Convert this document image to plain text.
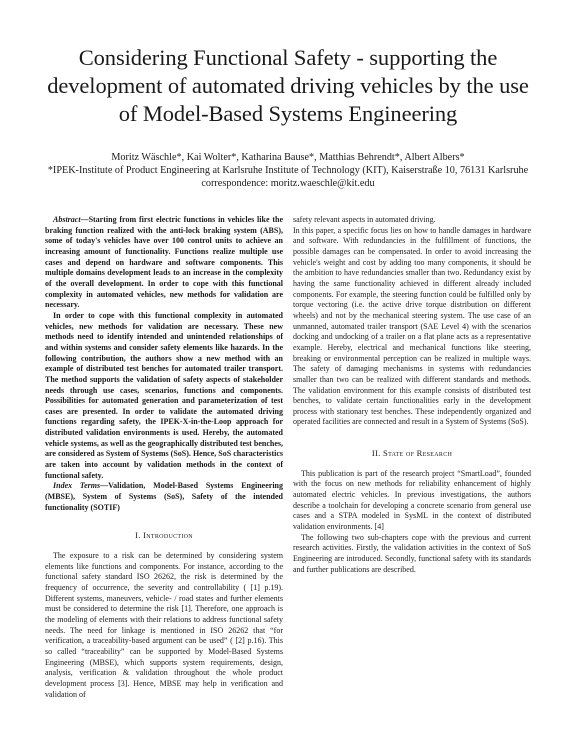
Considering Functional Safety - supporting the development of automated driving vehicles by the use of Model-Based Systems Engineering
Moritz Wäschle*, Kai Wolter*, Katharina Bause*, Matthias Behrendt*, Albert Albers*
*IPEK-Institute of Product Engineering at Karlsruhe Institute of Technology (KIT), Kaiserstraße 10, 76131 Karlsruhe
correspondence: moritz.waeschle@kit.edu

Abstract—Starting from first electric functions in vehicles like the braking function realized with the anti-lock braking system (ABS), some of today's vehicles have over 100 control units to achieve an increasing amount of functionality. Functions realize multiple use cases and depend on hardware and software components. This multiple domains development leads to an increase in the complexity of the overall development. In order to cope with this functional complexity in automated vehicles, new methods for validation are necessary.

In order to cope with this functional complexity in automated vehicles, new methods for validation are necessary. These new methods need to identify intended and unintended relationships of and within systems and consider safety elements like hazards. In the following contribution, the authors show a new method with an example of distributed test benches for automated trailer transport. The method supports the validation of safety aspects of stakeholder needs through use cases, scenarios, functions and components. Possibilities for automated generation and parameterization of test cases are presented. In order to validate the automated driving functions regarding safety, the IPEK-X-in-the-Loop approach for distributed validation environments is used. Hereby, the automated vehicle systems, as well as the geographically distributed test benches, are considered as System of Systems (SoS). Hence, SoS characteristics are taken into account by validation methods in the context of functional safety.

Index Terms—Validation, Model-Based Systems Engineering (MBSE), System of Systems (SoS), Safety of the intended functionality (SOTIF)

I. Introduction

The exposure to a risk can be determined by considering system elements like functions and components. For instance, according to the functional safety standard ISO 26262, the risk is determined by the frequency of occurrence, the severity and controllability ( [1] p.19). Different systems, maneuvers, vehicle- / road states and further elements must be considered to determine the risk [1]. Therefore, one approach is the modeling of elements with their relations to address functional safety needs. The need for linkage is mentioned in ISO 26262 that “for verification, a traceability-based argument can be used” ( [2] p.16). This so called “traceability” can be supported by Model-Based Systems Engineering (MBSE), which supports system requirements, design, analysis, verification & validation throughout the whole product development process [3]. Hence, MBSE may help in verification and validation of

safety relevant aspects in automated driving.

In this paper, a specific focus lies on how to handle damages in hardware and software. With redundancies in the fulfillment of functions, the possible damages can be compensated. In order to avoid increasing the vehicle's weight and cost by adding too many components, it should be the ambition to have redundancies smaller than two. Redundancy exist by having the same functionality achieved in different already included components. For example, the steering function could be fulfilled only by torque vectoring (i.e. the active drive torque distribution on different wheels) and not by the mechanical steering system. The use case of an unmanned, automated trailer transport (SAE Level 4) with the scenarios docking and undocking of a trailer on a flat plane acts as a representative example. Hereby, electrical and mechanical functions like steering, breaking or environmental perception can be realized in multiple ways. The safety of damaging mechanisms in systems with redundancies smaller than two can be realized with different standards and methods. The validation environment for this example consists of distributed test benches, to validate certain functionalities early in the development process with stationary test benches. These independently organized and operated facilities are connected and result in a System of Systems (SoS).

II. State of Research

This publication is part of the research project “SmartLoad”, founded with the focus on new methods for reliability enhancement of highly automated electric vehicles. In previous investigations, the authors describe a toolchain for developing a concrete scenario from general use cases and a STPA modeled in SysML in the context of distributed validation environments. [4]

The following two sub-chapters cope with the previous and current research activities. Firstly, the validation activities in the context of SoS Engineering are introduced. Secondly, functional safety with its standards and further publications are described.
